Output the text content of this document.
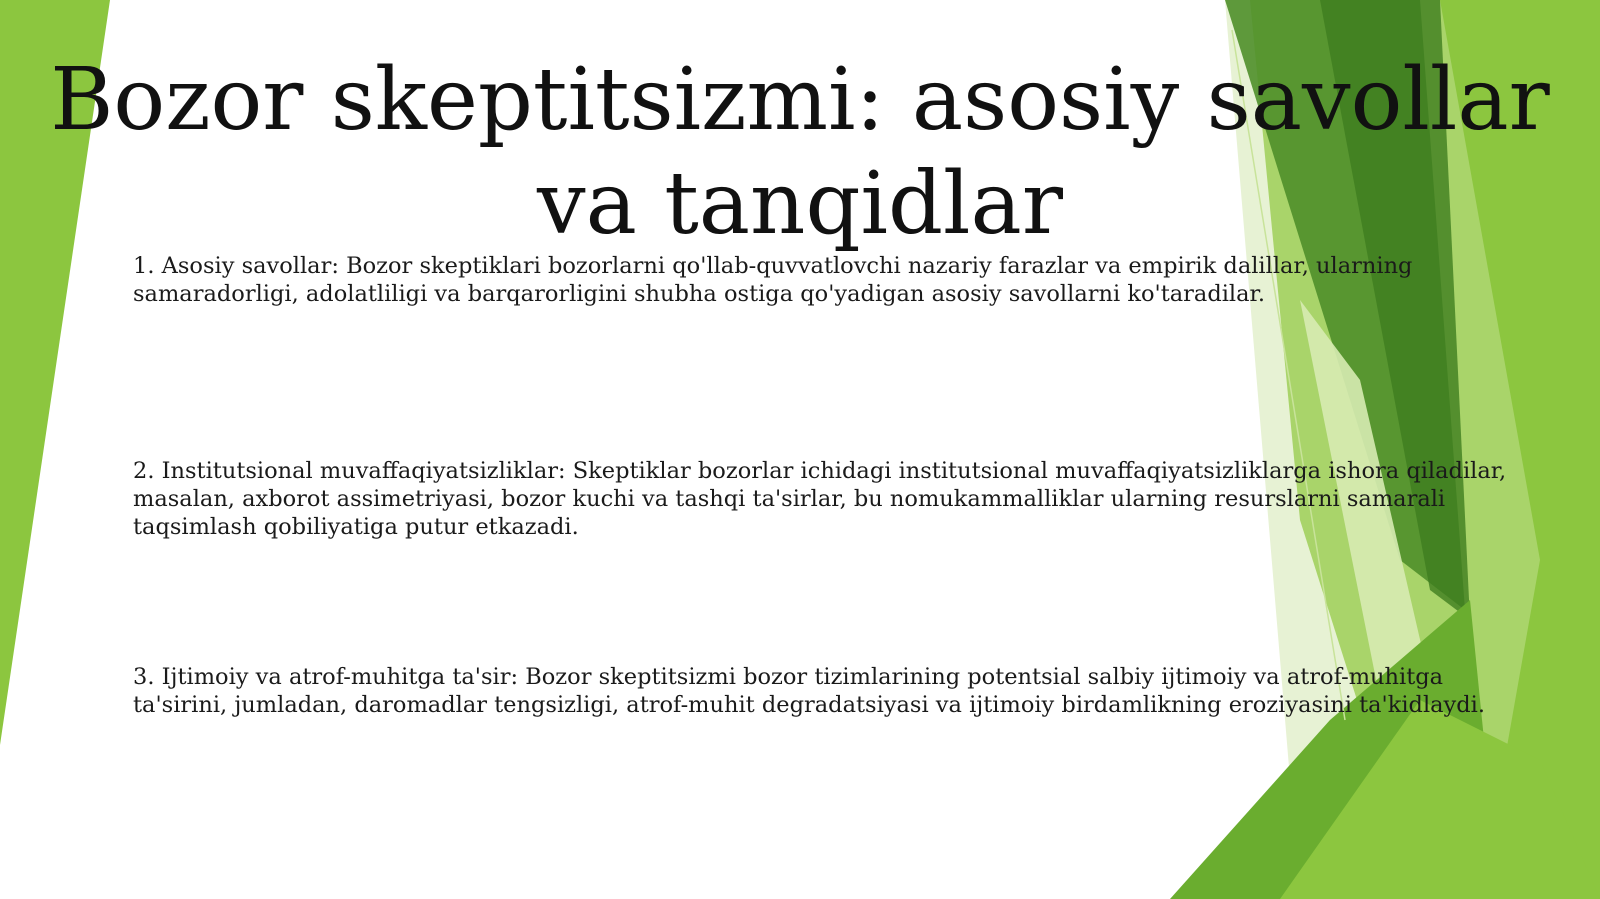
Bozor skeptitsizmi: asosiy savollar va tanqidlar

1. Asosiy savollar: Bozor skeptiklari bozorlarni qo'llab-quvvatlovchi nazariy farazlar va empirik dalillar, ularning samaradorligi, adolatliligi va barqarorligini shubha ostiga qo'yadigan asosiy savollarni ko'taradilar.

2. Institutsional muvaffaqiyatsizliklar: Skeptiklar bozorlar ichidagi institutsional muvaffaqiyatsizliklarga ishora qiladilar, masalan, axborot assimetriyasi, bozor kuchi va tashqi ta'sirlar, bu nomukammalliklar ularning resurslarni samarali taqsimlash qobiliyatiga putur etkazadi.

3. Ijtimoiy va atrof-muhitga ta'sir: Bozor skeptitsizmi bozor tizimlarining potentsial salbiy ijtimoiy va atrof-muhitga ta'sirini, jumladan, daromadlar tengsizligi, atrof-muhit degradatsiyasi va ijtimoiy birdamlikning eroziyasini ta'kidlaydi.
